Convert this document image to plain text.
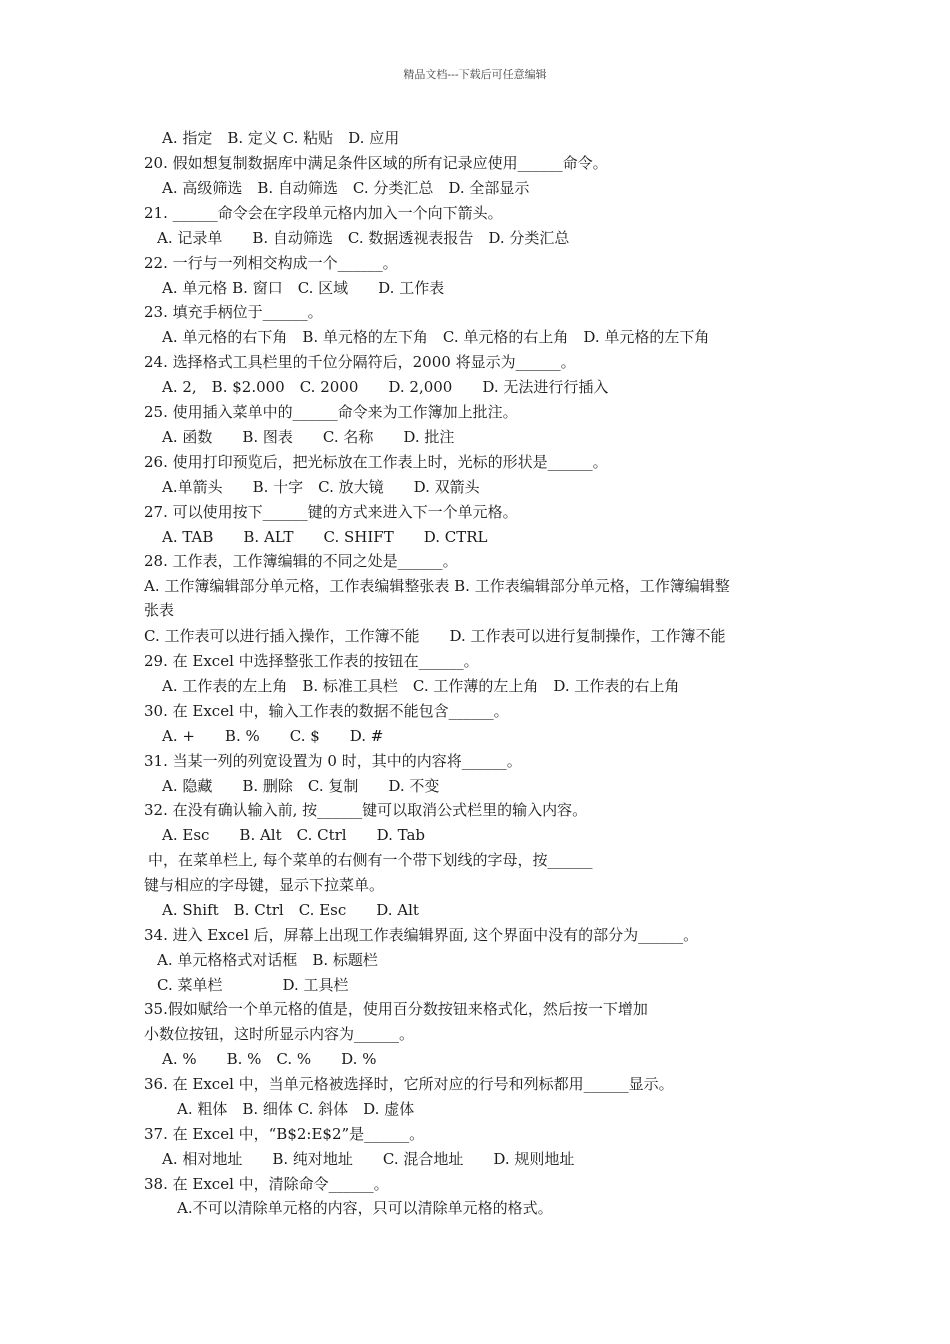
精品文档---下载后可任意编辑
A. 指定　B. 定义 C. 粘贴　D. 应用
20. 假如想复制数据库中满足条件区域的所有记录应使用______命令。
A. 高级筛选　B. 自动筛选　C. 分类汇总　D. 全部显示
21. ______命令会在字段单元格内加入一个向下箭头。
A. 记录单　　B. 自动筛选　C. 数据透视表报告　D. 分类汇总
22. 一行与一列相交构成一个______。
A. 单元格 B. 窗口　C. 区域　　D. 工作表
23. 填充手柄位于______。
A. 单元格的右下角　B. 单元格的左下角　C. 单元格的右上角　D. 单元格的左下角
24. 选择格式工具栏里的千位分隔符后，2000 将显示为______。
A. 2,　B. $2.000　C. 2000　　D. 2,000　　D. 无法进行行插入
25. 使用插入菜单中的______命令来为工作簿加上批注。
A. 函数　　B. 图表　　C. 名称　　D. 批注
26. 使用打印预览后，把光标放在工作表上时，光标的形状是______。
A.单箭头　　B. 十字　C. 放大镜　　D. 双箭头
27. 可以使用按下______键的方式来进入下一个单元格。
A. TAB　　B. ALT　　C. SHIFT　　D. CTRL
28. 工作表，工作簿编辑的不同之处是______。
A. 工作簿编辑部分单元格，工作表编辑整张表 B. 工作表编辑部分单元格，工作簿编辑整
张表
C. 工作表可以进行插入操作，工作簿不能　　D. 工作表可以进行复制操作，工作簿不能
29. 在 Excel 中选择整张工作表的按钮在______。
A. 工作表的左上角　B. 标准工具栏　C. 工作薄的左上角　D. 工作表的右上角
30. 在 Excel 中，输入工作表的数据不能包含______。
A. +　　B. %　　C. $　　D. #
31. 当某一列的列宽设置为 0 时，其中的内容将______。
A. 隐藏　　B. 删除　C. 复制　　D. 不变
32. 在没有确认输入前, 按______键可以取消公式栏里的输入内容。
A. Esc　　B. Alt　C. Ctrl　　D. Tab
中，在菜单栏上, 每个菜单的右侧有一个带下划线的字母，按______
键与相应的字母键，显示下拉菜单。
A. Shift　B. Ctrl　C. Esc　　D. Alt
34. 进入 Excel 后，屏幕上出现工作表编辑界面, 这个界面中没有的部分为______。
A. 单元格格式对话框　B. 标题栏
C. 菜单栏　　　　D. 工具栏
35.假如赋给一个单元格的值是，使用百分数按钮来格式化，然后按一下增加
小数位按钮，这时所显示内容为______。
A. %　　B. %　C. %　　D. %
36. 在 Excel 中，当单元格被选择时，它所对应的行号和列标都用______显示。
A. 粗体　B. 细体 C. 斜体　D. 虚体
37. 在 Excel 中，“B$2:E$2”是______。
A. 相对地址　　B. 纯对地址　　C. 混合地址　　D. 规则地址
38. 在 Excel 中，清除命令______。
A.不可以清除单元格的内容，只可以清除单元格的格式。
